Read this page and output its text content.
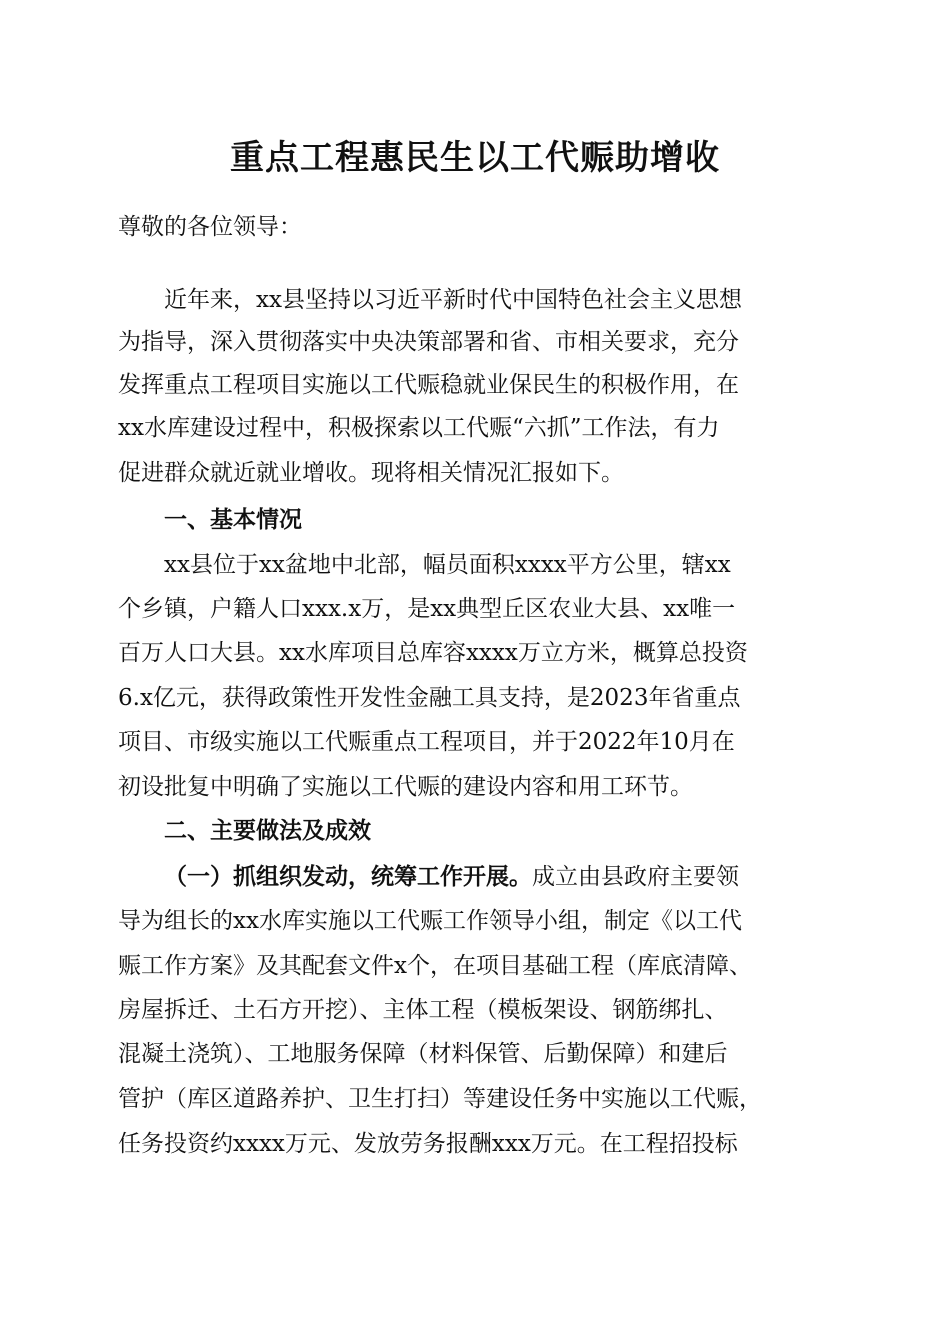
重点工程惠民生以工代赈助增收
尊敬的各位领导：
近年来，xx县坚持以习近平新时代中国特色社会主义思想
为指导，深入贯彻落实中央决策部署和省、市相关要求，充分
发挥重点工程项目实施以工代赈稳就业保民生的积极作用，在
xx水库建设过程中，积极探索以工代赈“六抓”工作法，有力
促进群众就近就业增收。现将相关情况汇报如下。
一、基本情况
xx县位于xx盆地中北部，幅员面积xxxx平方公里，辖xx
个乡镇，户籍人口xxx.x万，是xx典型丘区农业大县、xx唯一
百万人口大县。xx水库项目总库容xxxx万立方米，概算总投资
6.x亿元，获得政策性开发性金融工具支持，是2023年省重点
项目、市级实施以工代赈重点工程项目，并于2022年10月在
初设批复中明确了实施以工代赈的建设内容和用工环节。
二、主要做法及成效
（一）抓组织发动，统筹工作开展。成立由县政府主要领
导为组长的xx水库实施以工代赈工作领导小组，制定《以工代
赈工作方案》及其配套文件x个，在项目基础工程（库底清障、
房屋拆迁、土石方开挖）、主体工程（模板架设、钢筋绑扎、
混凝土浇筑）、工地服务保障（材料保管、后勤保障）和建后
管护（库区道路养护、卫生打扫）等建设任务中实施以工代赈，
任务投资约xxxx万元、发放劳务报酬xxx万元。在工程招投标
